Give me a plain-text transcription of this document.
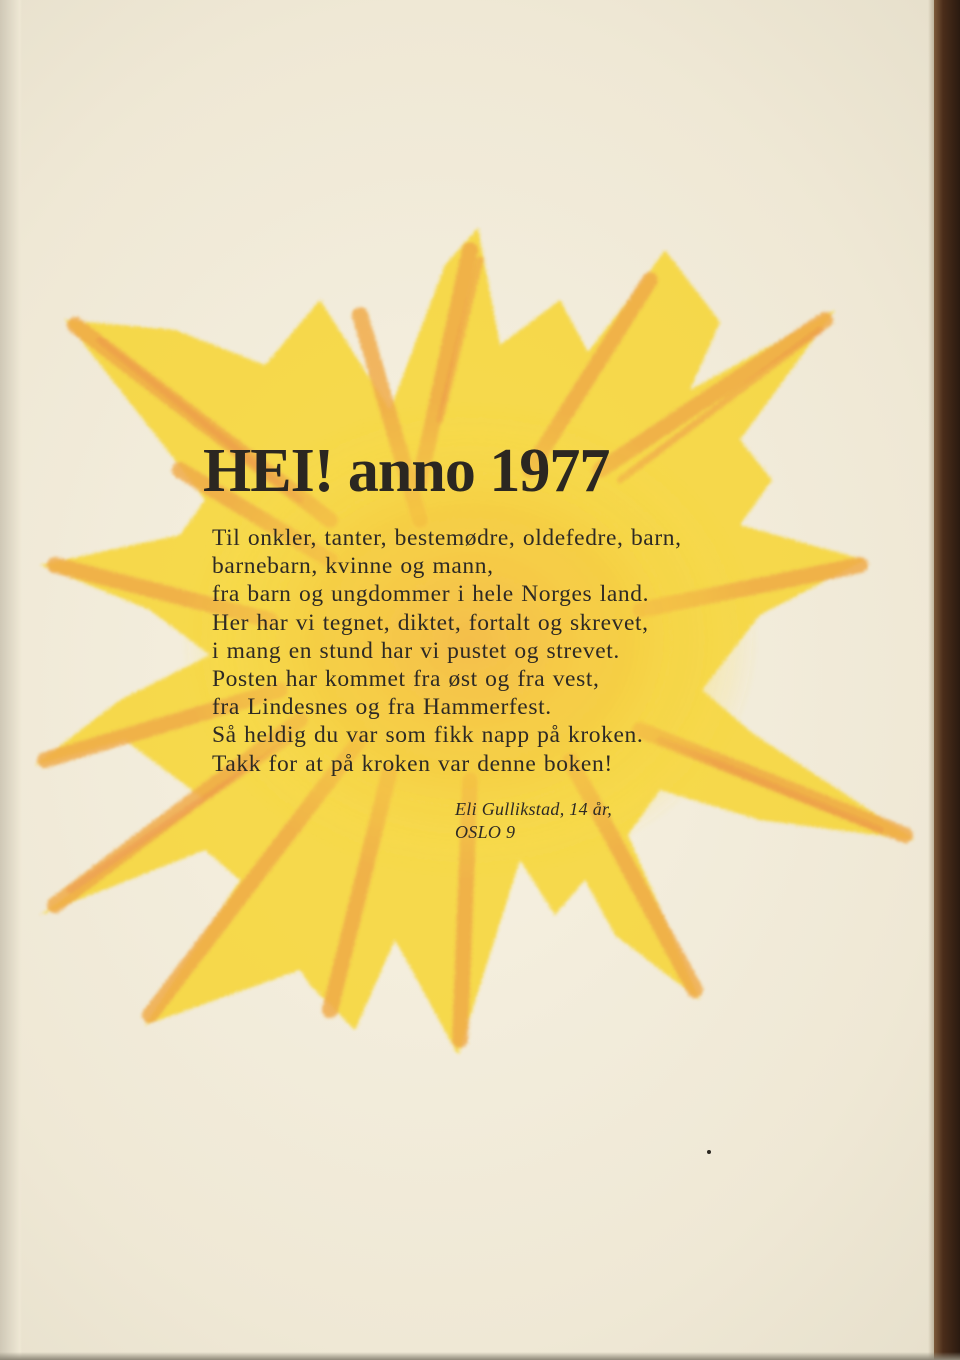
HEI! anno 1977
Til onkler, tanter, bestemødre, oldefedre, barn,
barnebarn, kvinne og mann,
fra barn og ungdommer i hele Norges land.
Her har vi tegnet, diktet, fortalt og skrevet,
i mang en stund har vi pustet og strevet.
Posten har kommet fra øst og fra vest,
fra Lindesnes og fra Hammerfest.
Så heldig du var som fikk napp på kroken.
Takk for at på kroken var denne boken!
Eli Gullikstad, 14 år,
OSLO 9
